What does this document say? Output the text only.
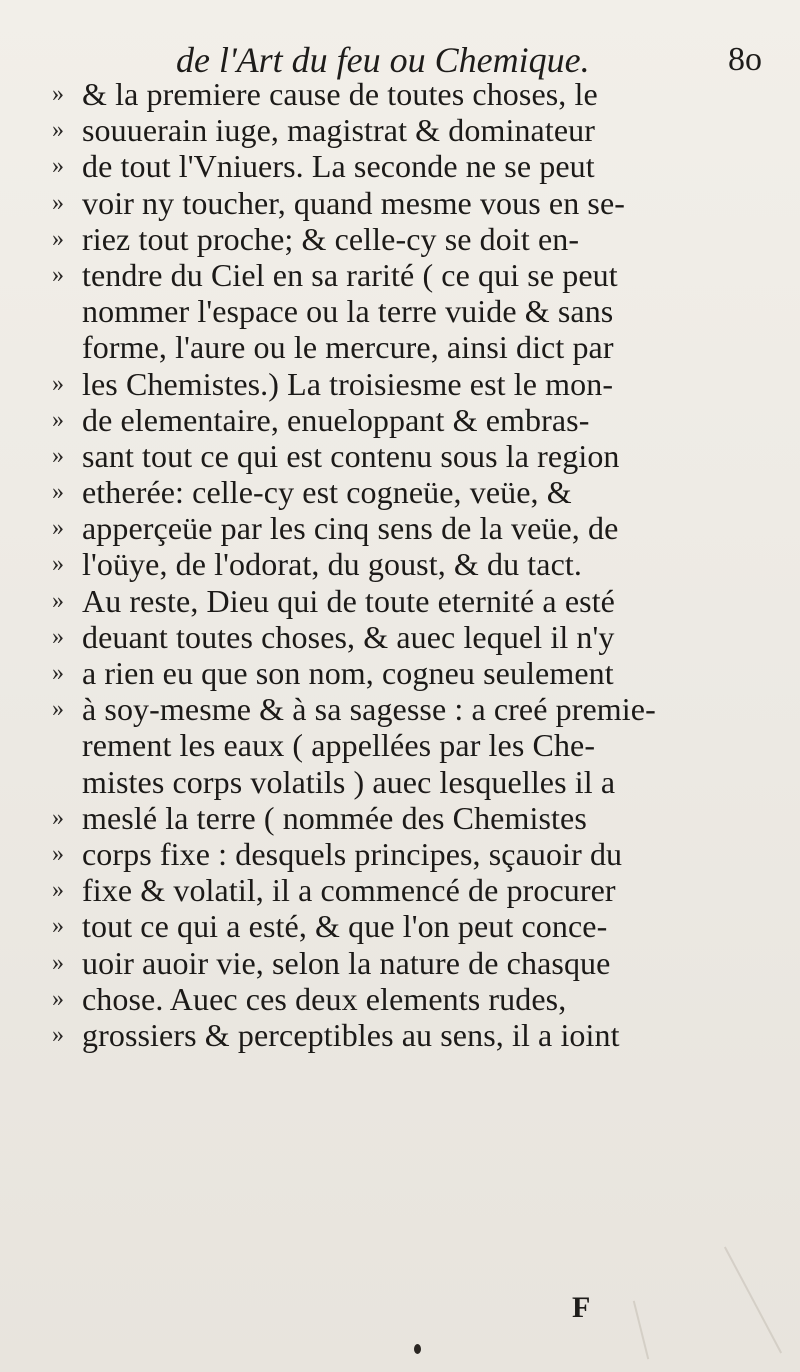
de l'Art du feu ou Chemique.	8o
» & la premiere cause de toutes choses, le
» souuerain iuge, magistrat & dominateur
» de tout l'Vniuers. La seconde ne se peut
» voir ny toucher, quand mesme vous en se-
» riez tout proche; & celle-cy se doit en-
» tendre du Ciel en sa rarité ( ce qui se peut
nommer l'espace ou la terre vuide & sans
forme, l'aure ou le mercure, ainsi dict par
» les Chemistes.) La troisiesme est le mon-
» de elementaire, enueloppant & embras-
» sant tout ce qui est contenu sous la region
» etherée: celle-cy est cogneüe, veüe, &
» apperçeüe par les cinq sens de la veüe, de
» l'oüye, de l'odorat, du goust, & du tact.
» Au reste, Dieu qui de toute eternité a esté
» deuant toutes choses, & auec lequel il n'y
» a rien eu que son nom, cogneu seulement
» à soy-mesme & à sa sagesse : a creé premie-
rement les eaux ( appellées par les Che-
mistes corps volatils ) auec lesquelles il a
» meslé la terre ( nommée des Chemistes
» corps fixe : desquels principes, sçauoir du
» fixe & volatil, il a commencé de procurer
» tout ce qui a esté, & que l'on peut conce-
» uoir auoir vie, selon la nature de chasque
» chose. Auec ces deux elements rudes,
» grossiers & perceptibles au sens, il a ioint
F
